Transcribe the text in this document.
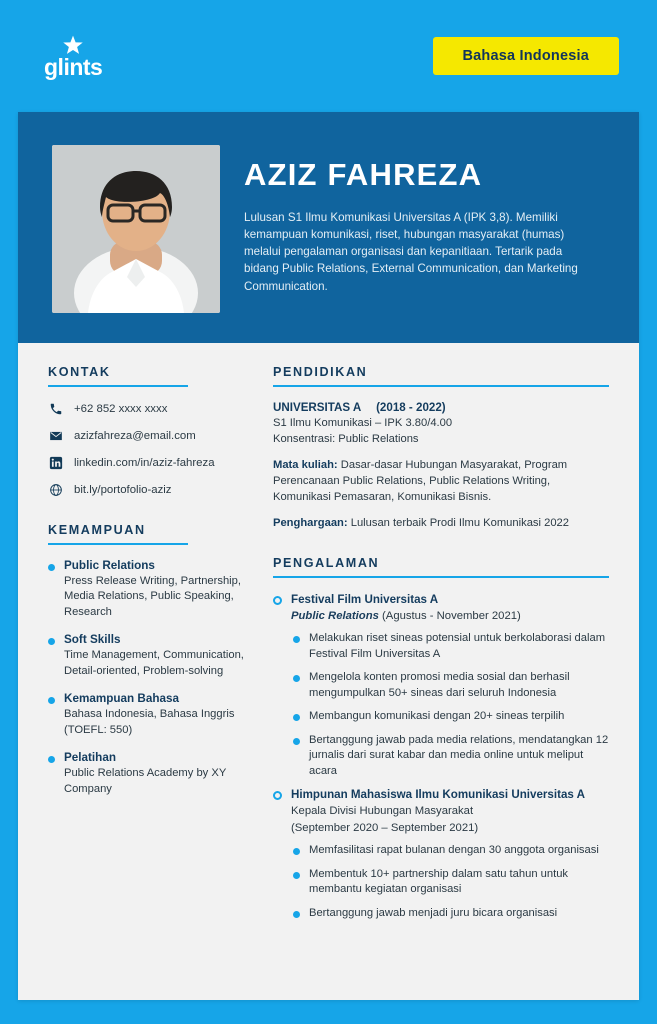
glints	Bahasa Indonesia
AZIZ FAHREZA
Lulusan S1 Ilmu Komunikasi Universitas A (IPK 3,8). Memiliki kemampuan komunikasi, riset, hubungan masyarakat (humas) melalui pengalaman organisasi dan kepanitiaan. Tertarik pada bidang Public Relations, External Communication, dan Marketing Communication.
KONTAK
+62 852 xxxx xxxx
azizfahreza@email.com
linkedin.com/in/aziz-fahreza
bit.ly/portofolio-aziz
KEMAMPUAN
Public Relations
Press Release Writing, Partnership, Media Relations, Public Speaking, Research
Soft Skills
Time Management, Communication, Detail-oriented, Problem-solving
Kemampuan Bahasa
Bahasa Indonesia, Bahasa Inggris (TOEFL: 550)
Pelatihan
Public Relations Academy by XY Company
PENDIDIKAN
UNIVERSITAS A (2018 - 2022)
S1 Ilmu Komunikasi – IPK 3.80/4.00
Konsentrasi: Public Relations
Mata kuliah: Dasar-dasar Hubungan Masyarakat, Program Perencanaan Public Relations, Public Relations Writing, Komunikasi Pemasaran, Komunikasi Bisnis.
Penghargaan: Lulusan terbaik Prodi Ilmu Komunikasi 2022
PENGALAMAN
Festival Film Universitas A
Public Relations (Agustus - November 2021)
Melakukan riset sineas potensial untuk berkolaborasi dalam Festival Film Universitas A
Mengelola konten promosi media sosial dan berhasil mengumpulkan 50+ sineas dari seluruh Indonesia
Membangun komunikasi dengan 20+ sineas terpilih
Bertanggung jawab pada media relations, mendatangkan 12 jurnalis dari surat kabar dan media online untuk meliput acara
Himpunan Mahasiswa Ilmu Komunikasi Universitas A
Kepala Divisi Hubungan Masyarakat
(September 2020 – September 2021)
Memfasilitasi rapat bulanan dengan 30 anggota organisasi
Membentuk 10+ partnership dalam satu tahun untuk membantu kegiatan organisasi
Bertanggung jawab menjadi juru bicara organisasi
